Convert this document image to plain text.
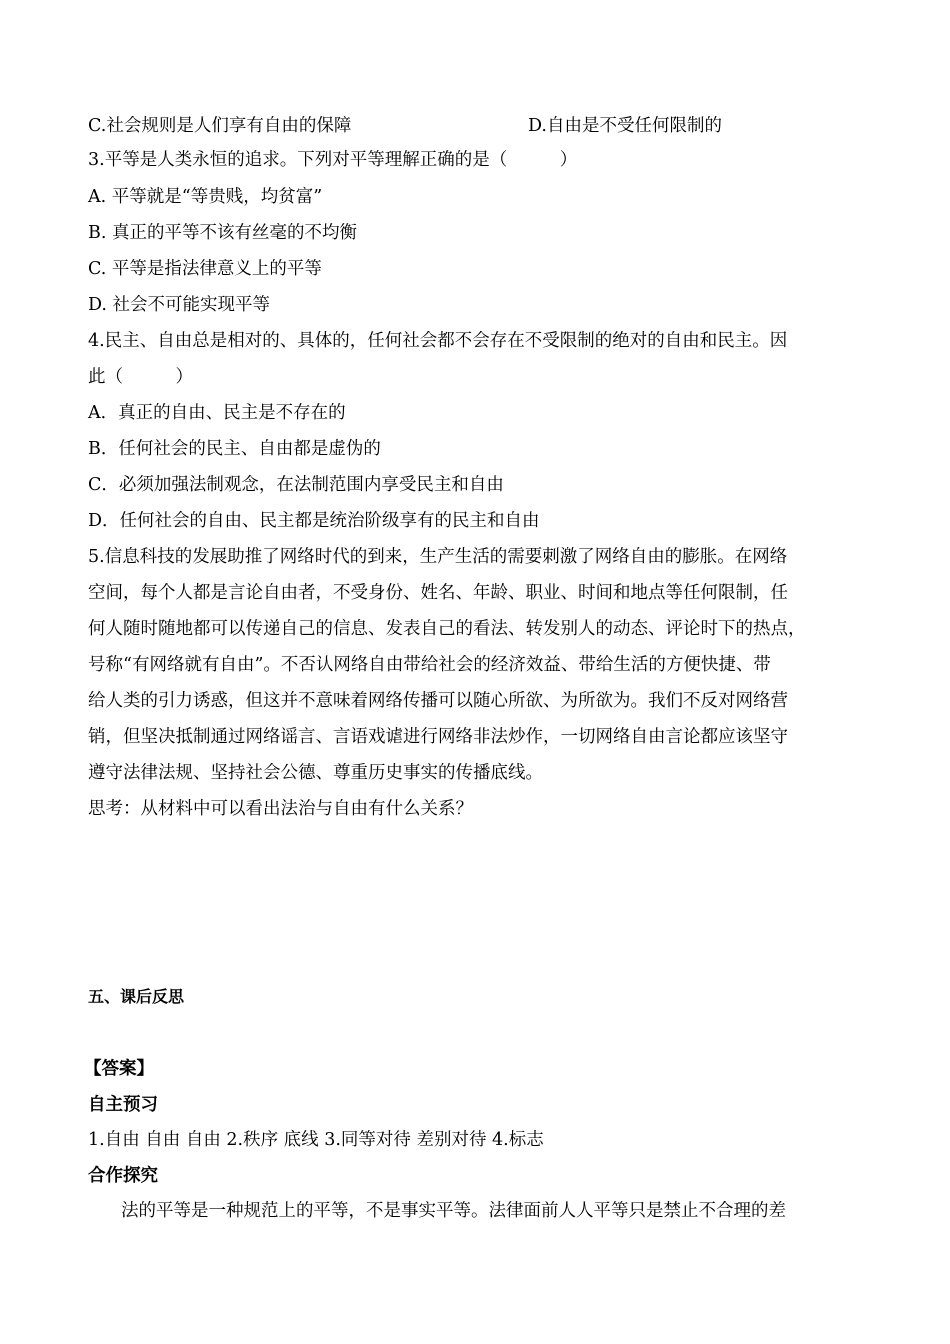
C.社会规则是人们享有自由的保障	D.自由是不受任何限制的
3.平等是人类永恒的追求。下列对平等理解正确的是（　　　）
A. 平等就是“等贵贱，均贫富”
B. 真正的平等不该有丝毫的不均衡
C. 平等是指法律意义上的平等
D. 社会不可能实现平等
4.民主、自由总是相对的、具体的，任何社会都不会存在不受限制的绝对的自由和民主。因
此（　　　）
A．真正的自由、民主是不存在的
B．任何社会的民主、自由都是虚伪的
C．必须加强法制观念，在法制范围内享受民主和自由
D．任何社会的自由、民主都是统治阶级享有的民主和自由
5.信息科技的发展助推了网络时代的到来，生产生活的需要刺激了网络自由的膨胀。在网络
空间，每个人都是言论自由者，不受身份、姓名、年龄、职业、时间和地点等任何限制，任
何人随时随地都可以传递自己的信息、发表自己的看法、转发别人的动态、评论时下的热点，
号称“有网络就有自由”。不否认网络自由带给社会的经济效益、带给生活的方便快捷、带
给人类的引力诱惑，但这并不意味着网络传播可以随心所欲、为所欲为。我们不反对网络营
销，但坚决抵制通过网络谣言、言语戏谑进行网络非法炒作，一切网络自由言论都应该坚守
遵守法律法规、坚持社会公德、尊重历史事实的传播底线。
思考：从材料中可以看出法治与自由有什么关系？
五、课后反思
【答案】
自主预习
1.自由 自由 自由 2.秩序 底线 3.同等对待 差别对待 4.标志
合作探究
法的平等是一种规范上的平等，不是事实平等。法律面前人人平等只是禁止不合理的差
